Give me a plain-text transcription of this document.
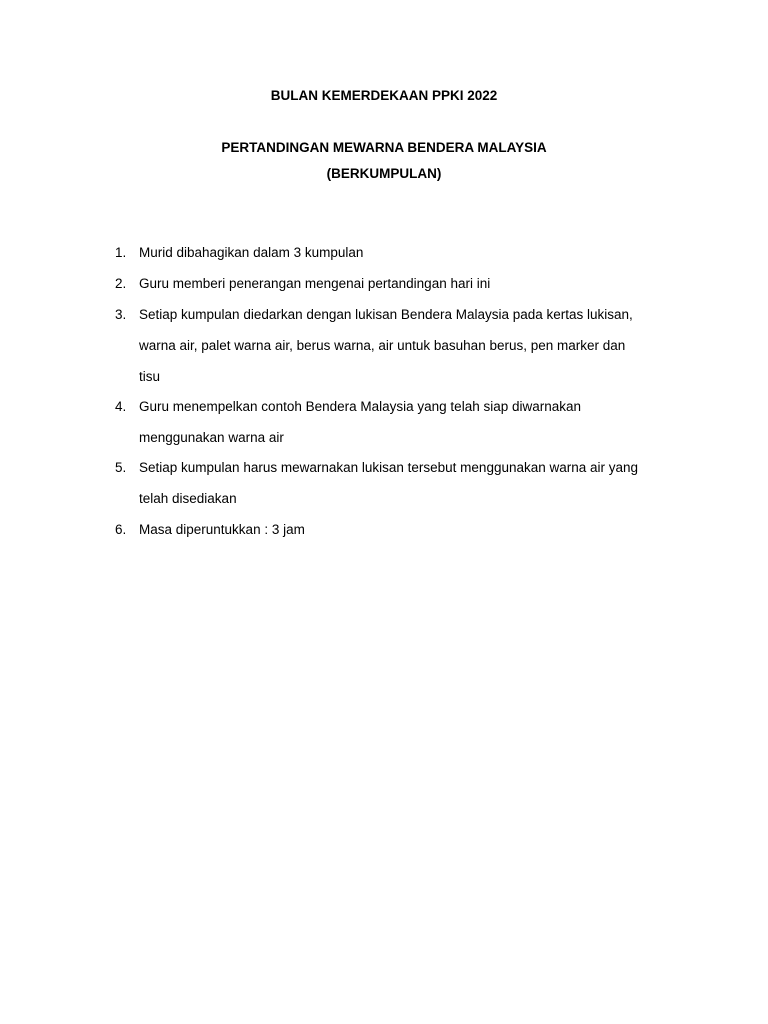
BULAN KEMERDEKAAN PPKI 2022
PERTANDINGAN MEWARNA BENDERA MALAYSIA
(BERKUMPULAN)
1. Murid dibahagikan dalam 3 kumpulan
2. Guru memberi penerangan mengenai pertandingan hari ini
3. Setiap kumpulan diedarkan dengan lukisan Bendera Malaysia pada kertas lukisan,
warna air, palet warna air, berus warna, air untuk basuhan berus, pen marker dan
tisu
4. Guru menempelkan contoh Bendera Malaysia yang telah siap diwarnakan
menggunakan warna air
5. Setiap kumpulan harus mewarnakan lukisan tersebut menggunakan warna air yang
telah disediakan
6. Masa diperuntukkan : 3 jam
